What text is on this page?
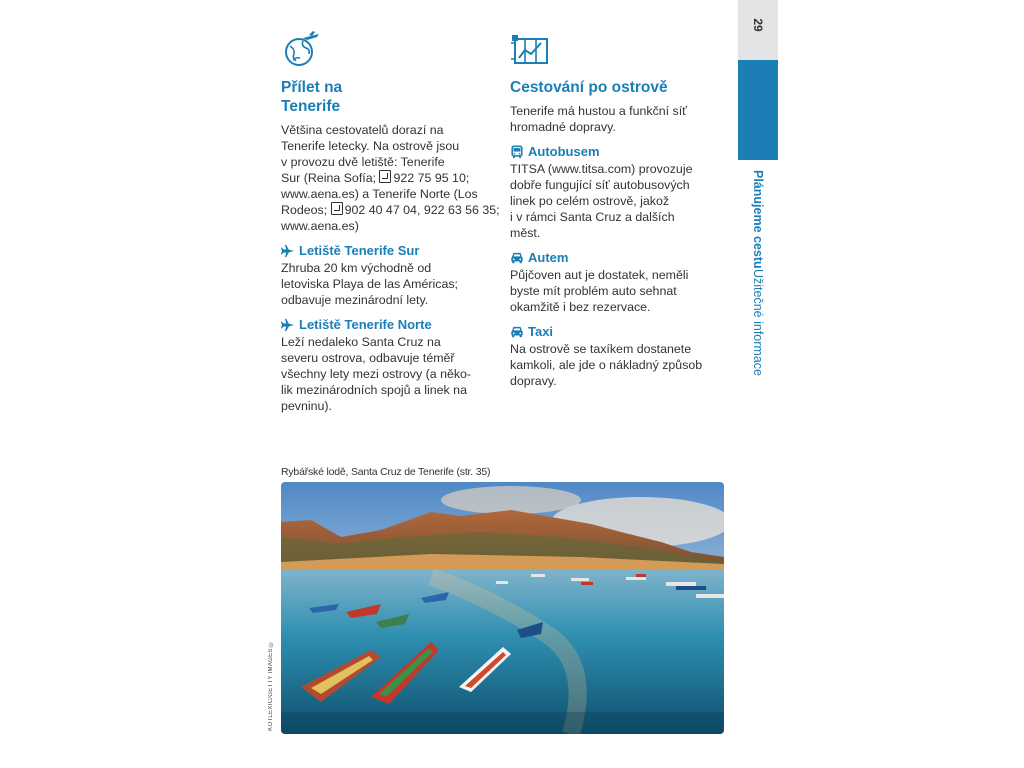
Přílet na
Tenerife

Většina cestovatelů dorazí na
Tenerife letecky. Na ostrově jsou
v provozu dvě letiště: Tenerife
Sur (Reina Sofía; 922 75 95 10;
www.aena.es) a Tenerife Norte (Los
Rodeos; 902 40 47 04, 922 63 56 35;
www.aena.es)

Letiště Tenerife Sur

Zhruba 20 km východně od
letoviska Playa de las Américas;
odbavuje mezinárodní lety.

Letiště Tenerife Norte

Leží nedaleko Santa Cruz na
severu ostrova, odbavuje téměř
všechny lety mezi ostrovy (a něko-
lik mezinárodních spojů a linek na
pevninu).

Cestování po ostrově

Tenerife má hustou a funkční síť
hromadné dopravy.

Autobusem

TITSA (www.titsa.com) provozuje
dobře fungující síť autobusových
linek po celém ostrově, jakož
i v rámci Santa Cruz a dalších
měst.

Autem

Půjčoven aut je dostatek, neměli
byste mít problém auto sehnat
okamžitě i bez rezervace.

Taxi

Na ostrově se taxíkem dostanete
kamkoli, ale jde o nákladný způsob
dopravy.

29
Plánujeme cestuUžitečné informace
Rybářské lodě, Santa Cruz de Tenerife (str. 35)
KOTLEXIC/GETTY IMAGES ©
